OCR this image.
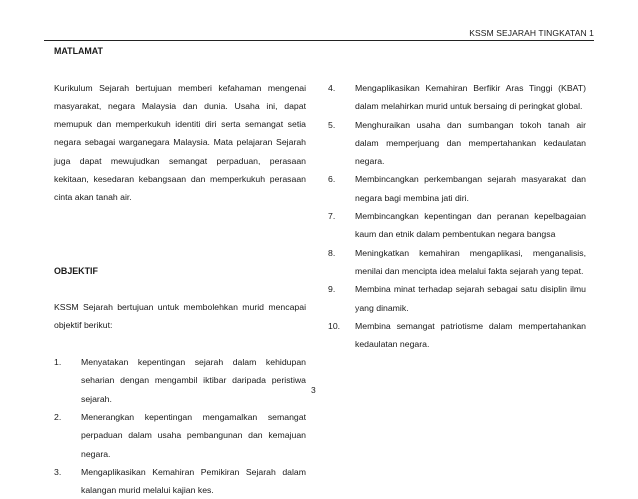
KSSM SEJARAH TINGKATAN 1
MATLAMAT
Kurikulum Sejarah bertujuan memberi kefahaman mengenai masyarakat, negara Malaysia dan dunia. Usaha ini, dapat memupuk dan memperkukuh identiti diri serta semangat setia negara sebagai warganegara Malaysia. Mata pelajaran Sejarah juga dapat mewujudkan semangat perpaduan, perasaan kekitaan, kesedaran kebangsaan dan memperkukuh perasaan cinta akan tanah air.
OBJEKTIF
KSSM Sejarah bertujuan untuk membolehkan murid mencapai objektif berikut:
1.	Menyatakan kepentingan sejarah dalam kehidupan seharian dengan mengambil iktibar daripada peristiwa sejarah.
2.	Menerangkan kepentingan mengamalkan semangat perpaduan dalam usaha pembangunan dan kemajuan negara.
3.	Mengaplikasikan Kemahiran Pemikiran Sejarah dalam kalangan murid melalui kajian kes.
4.	Mengaplikasikan Kemahiran Berfikir Aras Tinggi (KBAT) dalam melahirkan murid untuk bersaing di peringkat global.
5.	Menghuraikan usaha dan sumbangan tokoh tanah air dalam memperjuang dan mempertahankan kedaulatan negara.
6.	Membincangkan perkembangan sejarah masyarakat dan negara bagi membina jati diri.
7.	Membincangkan kepentingan dan peranan kepelbagaian kaum dan etnik dalam pembentukan negara bangsa
8.	Meningkatkan kemahiran mengaplikasi, menganalisis, menilai dan mencipta idea melalui fakta sejarah yang tepat.
9.	Membina minat terhadap sejarah sebagai satu disiplin ilmu yang dinamik.
10.	Membina semangat patriotisme dalam mempertahankan kedaulatan negara.
3
